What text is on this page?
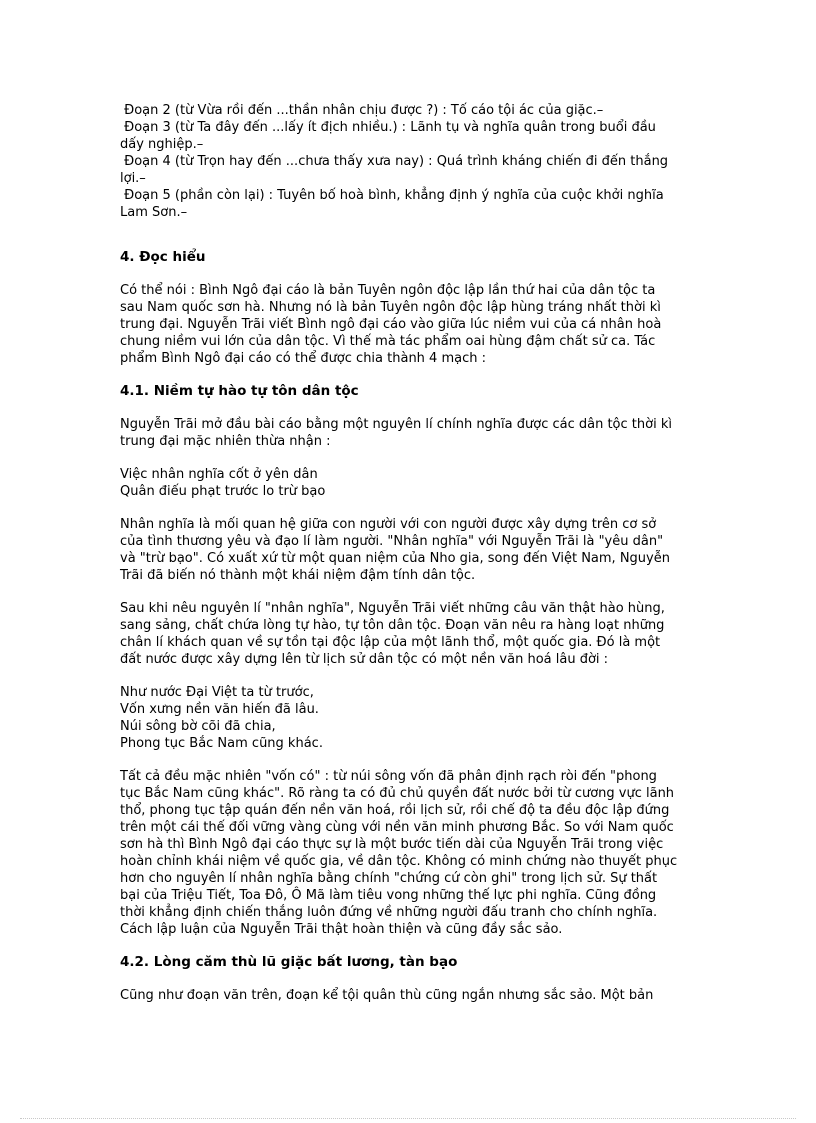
Đoạn 2 (từ Vừa rồi đến ...thần nhân chịu được ?) : Tố cáo tội ác của giặc.–
Đoạn 3 (từ Ta đây đến ...lấy ít địch nhiều.) : Lãnh tụ và nghĩa quân trong buổi đầu
dấy nghiệp.–
Đoạn 4 (từ Trọn hay đến ...chưa thấy xưa nay) : Quá trình kháng chiến đi đến thắng
lợi.–
Đoạn 5 (phần còn lại) : Tuyên bố hoà bình, khẳng định ý nghĩa của cuộc khởi nghĩa
Lam Sơn.–
4. Đọc hiểu
Có thể nói : Bình Ngô đại cáo là bản Tuyên ngôn độc lập lần thứ hai của dân tộc ta
sau Nam quốc sơn hà. Nhưng nó là bản Tuyên ngôn độc lập hùng tráng nhất thời kì
trung đại. Nguyễn Trãi viết Bình ngô đại cáo vào giữa lúc niềm vui của cá nhân hoà
chung niềm vui lớn của dân tộc. Vì thế mà tác phẩm oai hùng đậm chất sử ca. Tác
phẩm Bình Ngô đại cáo có thể được chia thành 4 mạch :
4.1. Niềm tự hào tự tôn dân tộc
Nguyễn Trãi mở đầu bài cáo bằng một nguyên lí chính nghĩa được các dân tộc thời kì
trung đại mặc nhiên thừa nhận :
Việc nhân nghĩa cốt ở yên dân
Quân điếu phạt trước lo trừ bạo
Nhân nghĩa là mối quan hệ giữa con người với con người được xây dựng trên cơ sở
của tình thương yêu và đạo lí làm người. "Nhân nghĩa" với Nguyễn Trãi là "yêu dân"
và "trừ bạo". Có xuất xứ từ một quan niệm của Nho gia, song đến Việt Nam, Nguyễn
Trãi đã biến nó thành một khái niệm đậm tính dân tộc.
Sau khi nêu nguyên lí "nhân nghĩa", Nguyễn Trãi viết những câu văn thật hào hùng,
sang sảng, chất chứa lòng tự hào, tự tôn dân tộc. Đoạn văn nêu ra hàng loạt những
chân lí khách quan về sự tồn tại độc lập của một lãnh thổ, một quốc gia. Đó là một
đất nước được xây dựng lên từ lịch sử dân tộc có một nền văn hoá lâu đời :
Như nước Đại Việt ta từ trước,
Vốn xưng nền văn hiến đã lâu.
Núi sông bờ cõi đã chia,
Phong tục Bắc Nam cũng khác.
Tất cả đều mặc nhiên "vốn có" : từ núi sông vốn đã phân định rạch ròi đến "phong
tục Bắc Nam cũng khác". Rõ ràng ta có đủ chủ quyền đất nước bởi từ cương vực lãnh
thổ, phong tục tập quán đến nền văn hoá, rồi lịch sử, rồi chế độ ta đều độc lập đứng
trên một cái thế đối vững vàng cùng với nền văn minh phương Bắc. So với Nam quốc
sơn hà thì Bình Ngô đại cáo thực sự là một bước tiến dài của Nguyễn Trãi trong việc
hoàn chỉnh khái niệm về quốc gia, về dân tộc. Không có minh chứng nào thuyết phục
hơn cho nguyên lí nhân nghĩa bằng chính "chứng cứ còn ghi" trong lịch sử. Sự thất
bại của Triệu Tiết, Toa Đô, Ô Mã làm tiêu vong những thế lực phi nghĩa. Cũng đồng
thời khẳng định chiến thắng luôn đứng về những người đấu tranh cho chính nghĩa.
Cách lập luận của Nguyễn Trãi thật hoàn thiện và cũng đầy sắc sảo.
4.2. Lòng căm thù lũ giặc bất lương, tàn bạo
Cũng như đoạn văn trên, đoạn kể tội quân thù cũng ngắn nhưng sắc sảo. Một bản
